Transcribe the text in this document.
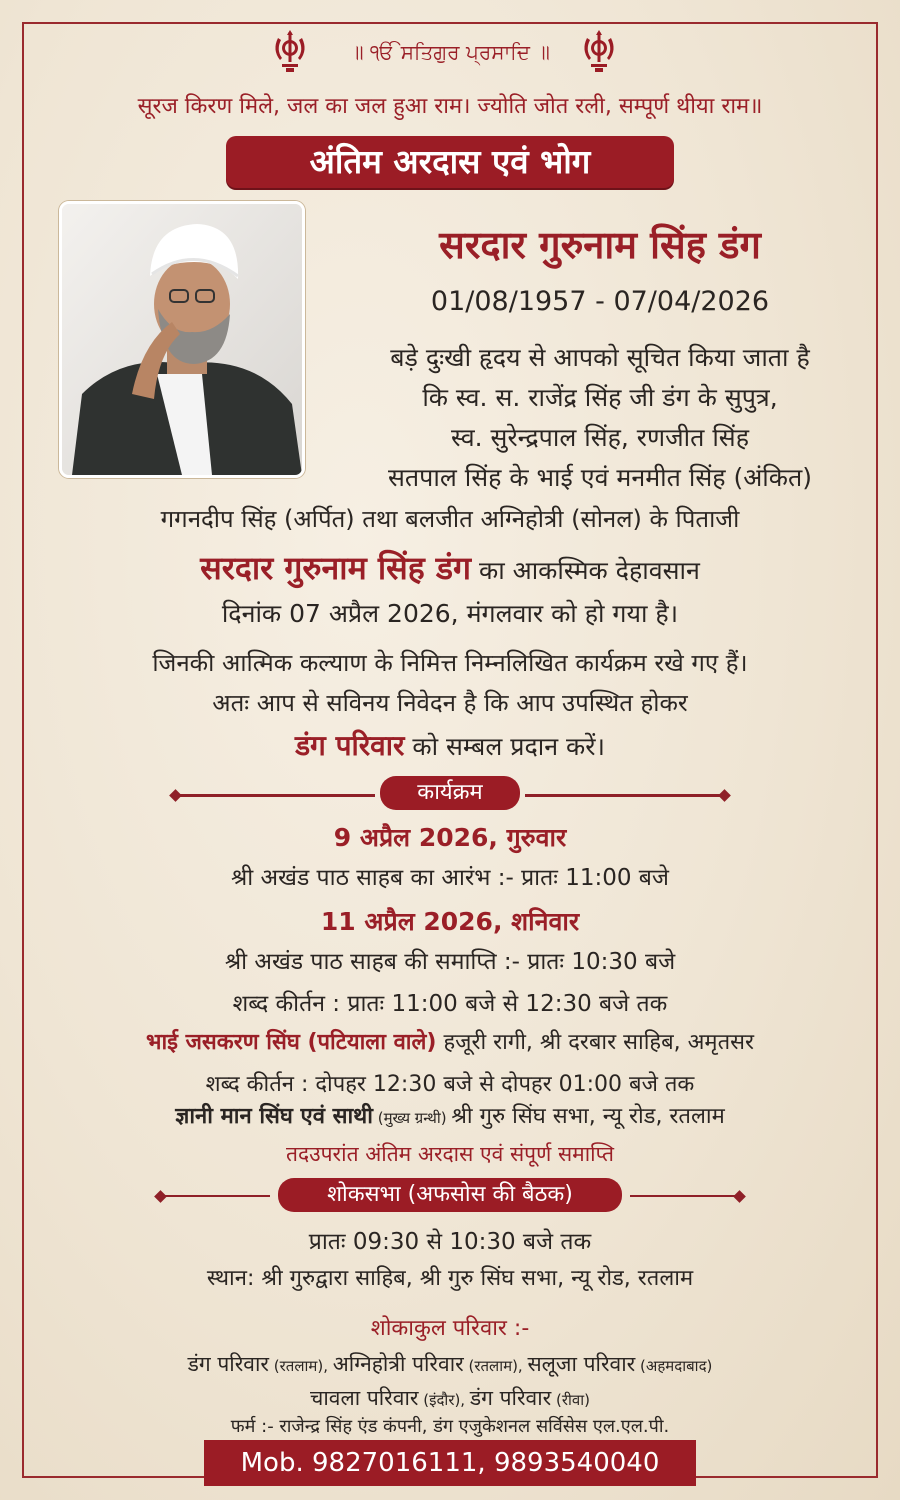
॥ ੴ ਸਤਿਗੁਰ ਪ੍ਰਸਾਦਿ ॥
सूरज किरण मिले, जल का जल हुआ राम। ज्योति जोत रली, सम्पूर्ण थीया राम॥
अंतिम अरदास एवं भोग
सरदार गुरुनाम सिंह डंग
01/08/1957 - 07/04/2026
बड़े दुःखी हृदय से आपको सूचित किया जाता है
कि स्व. स. राजेंद्र सिंह जी डंग के सुपुत्र,
स्व. सुरेन्द्रपाल सिंह, रणजीत सिंह
सतपाल सिंह के भाई एवं मनमीत सिंह (अंकित)
गगनदीप सिंह (अर्पित) तथा बलजीत अग्निहोत्री (सोनल) के पिताजी
सरदार गुरुनाम सिंह डंग का आकस्मिक देहावसान
दिनांक 07 अप्रैल 2026, मंगलवार को हो गया है।
जिनकी आत्मिक कल्याण के निमित्त निम्नलिखित कार्यक्रम रखे गए हैं।
अतः आप से सविनय निवेदन है कि आप उपस्थित होकर
डंग परिवार को सम्बल प्रदान करें।
कार्यक्रम
9 अप्रैल 2026, गुरुवार
श्री अखंड पाठ साहब का आरंभ :- प्रातः 11:00 बजे
11 अप्रैल 2026, शनिवार
श्री अखंड पाठ साहब की समाप्ति :- प्रातः 10:30 बजे
शब्द कीर्तन : प्रातः 11:00 बजे से 12:30 बजे तक
भाई जसकरण सिंघ (पटियाला वाले) हजूरी रागी, श्री दरबार साहिब, अमृतसर
शब्द कीर्तन : दोपहर 12:30 बजे से दोपहर 01:00 बजे तक
ज्ञानी मान सिंघ एवं साथी (मुख्य ग्रन्थी) श्री गुरु सिंघ सभा, न्यू रोड, रतलाम
तदउपरांत अंतिम अरदास एवं संपूर्ण समाप्ति
शोकसभा (अफसोस की बैठक)
प्रातः 09:30 से 10:30 बजे तक
स्थान: श्री गुरुद्वारा साहिब, श्री गुरु सिंघ सभा, न्यू रोड, रतलाम
शोकाकुल परिवार :-
डंग परिवार (रतलाम), अग्निहोत्री परिवार (रतलाम), सलूजा परिवार (अहमदाबाद)
चावला परिवार (इंदौर), डंग परिवार (रीवा)
फर्म :- राजेन्द्र सिंह एंड कंपनी, डंग एजुकेशनल सर्विसेस एल.एल.पी.
Mob. 9827016111, 9893540040
